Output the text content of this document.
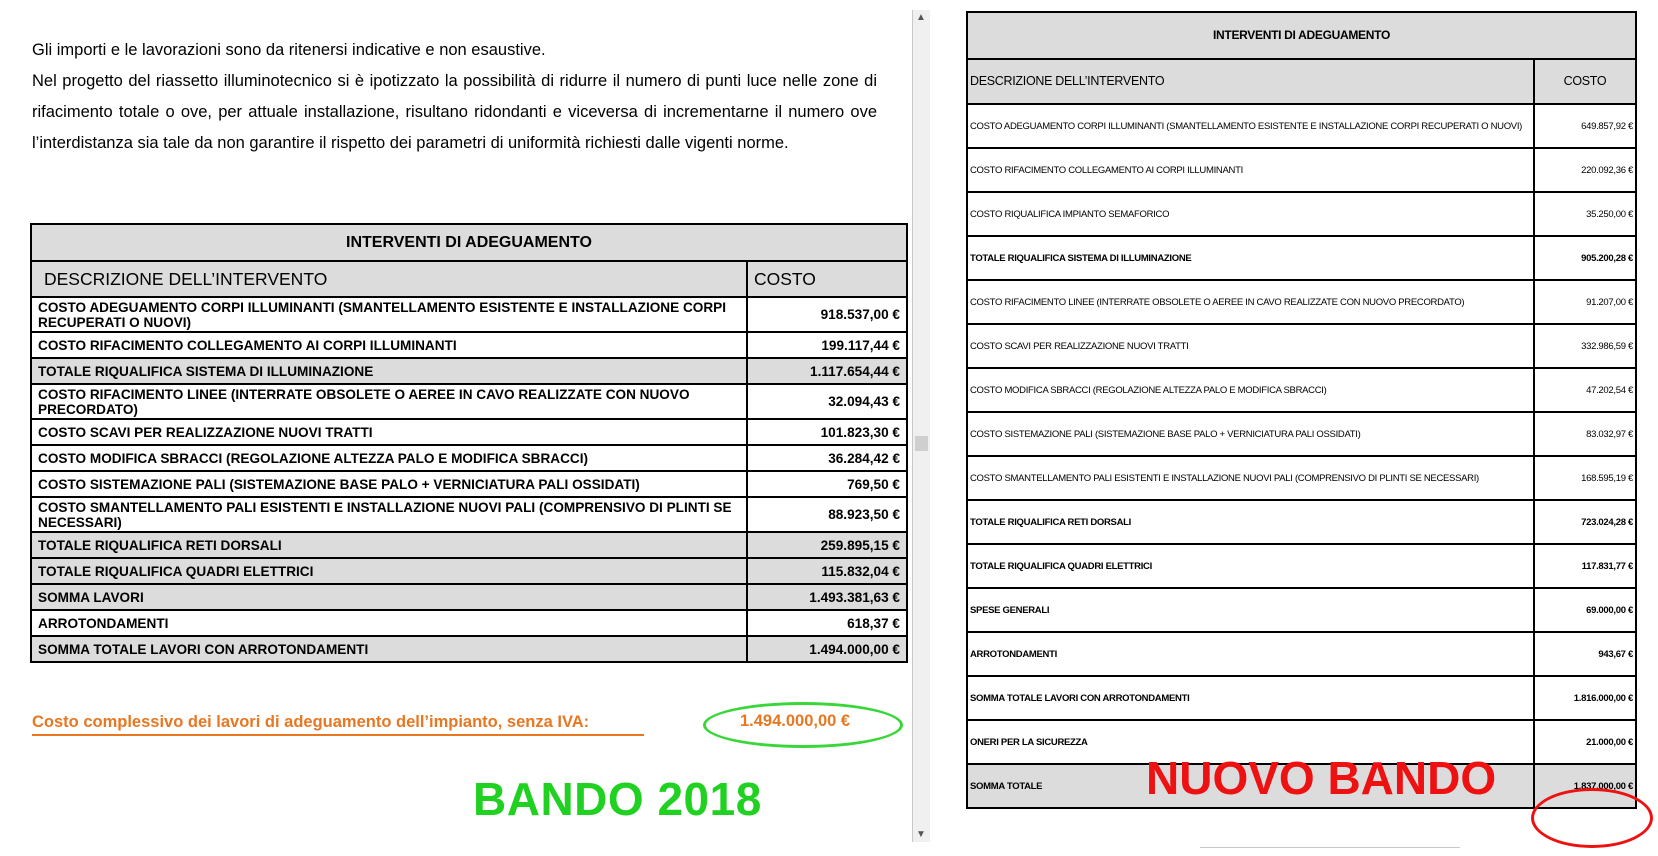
Gli importi e le lavorazioni sono da ritenersi indicative e non esaustive.

Nel progetto del riassetto illuminotecnico si è ipotizzato la possibilità di ridurre il numero di punti luce nelle zone di rifacimento totale o ove, per attuale installazione, risultano ridondanti e viceversa di incrementarne il numero ove l’interdistanza sia tale da non garantire il rispetto dei parametri di uniformità richiesti dalle vigenti norme.

INTERVENTI DI ADEGUAMENTO	
DESCRIZIONE DELL’INTERVENTO	COSTO
COSTO ADEGUAMENTO CORPI ILLUMINANTI (SMANTELLAMENTO ESISTENTE E INSTALLAZIONE CORPI RECUPERATI O NUOVI)	918.537,00 €
COSTO RIFACIMENTO COLLEGAMENTO AI CORPI ILLUMINANTI	199.117,44 €
TOTALE RIQUALIFICA SISTEMA DI ILLUMINAZIONE	1.117.654,44 €
COSTO RIFACIMENTO LINEE (INTERRATE OBSOLETE O AEREE IN CAVO REALIZZATE CON NUOVO PRECORDATO)	32.094,43 €
COSTO SCAVI PER REALIZZAZIONE NUOVI TRATTI	101.823,30 €
COSTO MODIFICA SBRACCI (REGOLAZIONE ALTEZZA PALO E MODIFICA SBRACCI)	36.284,42 €
COSTO SISTEMAZIONE PALI (SISTEMAZIONE BASE PALO + VERNICIATURA PALI OSSIDATI)	769,50 €
COSTO SMANTELLAMENTO PALI ESISTENTI E INSTALLAZIONE NUOVI PALI (COMPRENSIVO DI PLINTI SE NECESSARI)	88.923,50 €
TOTALE RIQUALIFICA RETI DORSALI	259.895,15 €
TOTALE RIQUALIFICA QUADRI ELETTRICI	115.832,04 €
SOMMA LAVORI	1.493.381,63 €
ARROTONDAMENTI	618,37 €
SOMMA TOTALE LAVORI CON ARROTONDAMENTI	1.494.000,00 €
Costo complessivo dei lavori di adeguamento dell’impianto, senza IVA:	1.494.000,00 €
BANDO 2018
▲
▼
INTERVENTI DI ADEGUAMENTO	
DESCRIZIONE DELL’INTERVENTO	COSTO
COSTO ADEGUAMENTO CORPI ILLUMINANTI (SMANTELLAMENTO ESISTENTE E INSTALLAZIONE CORPI RECUPERATI O NUOVI)	649.857,92 €
COSTO RIFACIMENTO COLLEGAMENTO AI CORPI ILLUMINANTI	220.092,36 €
COSTO RIQUALIFICA IMPIANTO SEMAFORICO	35.250,00 €
TOTALE RIQUALIFICA SISTEMA DI ILLUMINAZIONE	905.200,28 €
COSTO RIFACIMENTO LINEE (INTERRATE OBSOLETE O AEREE IN CAVO REALIZZATE CON NUOVO PRECORDATO)	91.207,00 €
COSTO SCAVI PER REALIZZAZIONE NUOVI TRATTI	332.986,59 €
COSTO MODIFICA SBRACCI (REGOLAZIONE ALTEZZA PALO E MODIFICA SBRACCI)	47.202,54 €
COSTO SISTEMAZIONE PALI (SISTEMAZIONE BASE PALO + VERNICIATURA PALI OSSIDATI)	83.032,97 €
COSTO SMANTELLAMENTO PALI ESISTENTI E INSTALLAZIONE NUOVI PALI (COMPRENSIVO DI PLINTI SE NECESSARI)	168.595,19 €
TOTALE RIQUALIFICA RETI DORSALI	723.024,28 €
TOTALE RIQUALIFICA QUADRI ELETTRICI	117.831,77 €
SPESE GENERALI	69.000,00 €
ARROTONDAMENTI	943,67 €
SOMMA TOTALE LAVORI CON ARROTONDAMENTI	1.816.000,00 €
ONERI PER LA SICUREZZA	21.000,00 €
SOMMA TOTALE	1.837.000,00 €
NUOVO BANDO
